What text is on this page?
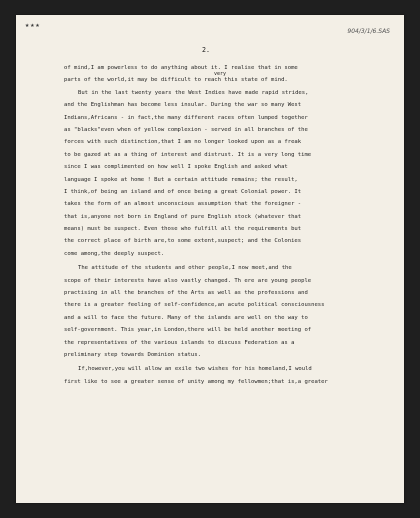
★★★
904/3/1/6.SAS
2.
of mind,I am powerless to do anything about it. I realise that in some
very
parts of the world,it may be difficult to reach this state of mind.
But in the last twenty years the West Indies have made rapid strides,
and the Englishman has become less insular. During the war so many West
Indians,Africans - in fact,the many different races often lumped together
as "blacks"even when of yellow complexion - served in all branches of the
forces with such distinction,that I am no longer looked upon as a freak
to be gazed at as a thing of interest and distrust. It is a very long time
since I was complimented on how well I spoke English and asked what
language I spoke at home ! But a certain attitude remains; the result,
I think,of being an island and of once being a great Colonial power. It
takes the form of an almost unconscious assumption that the foreigner -
that is,anyone not born in England of pure English stock (whatever that
means) must be suspect. Even those who fulfill all the requirements but
the correct place of birth are,to some extent,suspect; and the Colonies
come among,the deeply suspect.
The attitude of the students and other people,I now meet,and the
scope of their interests have also vastly changed. Th ere are young people
practising in all the branches of the Arts as well as the professions and
there is a greater feeling of self-confidence,an acute political consciousness
and a will to face the future. Many of the islands are well on the way to
self-government. This year,in London,there will be held another meeting of
the representatives of the various islands to discuss Federation as a
preliminary step towards Dominion status.
If,however,you will allow an exile two wishes for his homeland,I would
first like to see a greater sense of unity among my fellowmen;that is,a greater
